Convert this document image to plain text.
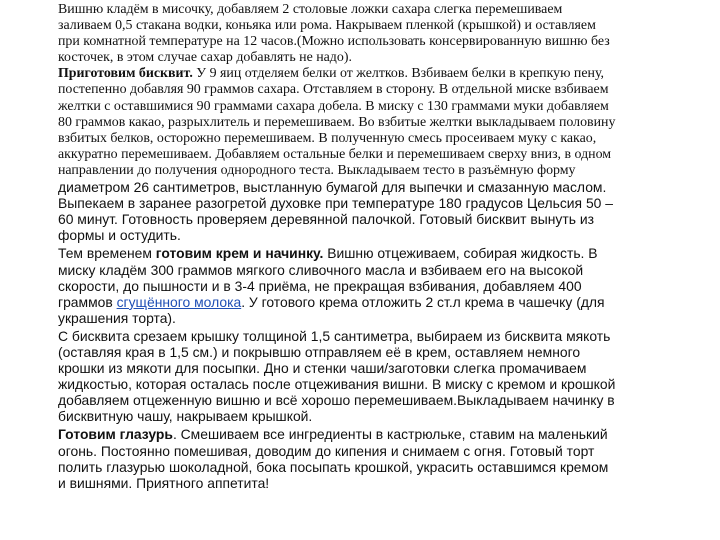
Вишню кладём в мисочку, добавляем 2 столовые ложки сахара слегка перемешиваем
заливаем 0,5 стакана водки, коньяка или рома. Накрываем пленкой (крышкой) и оставляем
при комнатной температуре на 12 часов.(Можно использовать консервированную вишню без
косточек, в этом случае сахар добавлять не надо).
Приготовим бисквит. У 9 яиц отделяем белки от желтков. Взбиваем белки в крепкую пену,
постепенно добавляя 90 граммов сахара. Отставляем в сторону. В отдельной миске взбиваем
желтки с оставшимися 90 граммами сахара добела. В миску с 130 граммами муки добавляем
80 граммов какао, разрыхлитель и перемешиваем. Во взбитые желтки выкладываем половину
взбитых белков, осторожно перемешиваем. В полученную смесь просеиваем муку с какао,
аккуратно перемешиваем. Добавляем остальные белки и перемешиваем сверху вниз, в одном
направлении до получения однородного теста. Выкладываем тесто в разъёмную форму
диаметром 26 сантиметров, выстланную бумагой для выпечки и смазанную маслом.
Выпекаем в заранее разогретой духовке при температуре 180 градусов Цельсия 50 –
60 минут. Готовность проверяем деревянной палочкой. Готовый бисквит вынуть из
формы и остудить.
Тем временем готовим крем и начинку. Вишню отцеживаем, собирая жидкость. В
миску кладём 300 граммов мягкого сливочного масла и взбиваем его на высокой
скорости, до пышности и в 3-4 приёма, не прекращая взбивания, добавляем 400
граммов сгущённого молока. У готового крема отложить 2 ст.л крема в чашечку (для
украшения торта).
С бисквита срезаем крышку толщиной 1,5 сантиметра, выбираем из бисквита мякоть
(оставляя края в 1,5 см.) и покрывшю отправляем её в крем, оставляем немного
крошки из мякоти для посыпки. Дно и стенки чаши/заготовки слегка промачиваем
жидкостью, которая осталась после отцеживания вишни. В миску с кремом и крошкой
добавляем отцеженную вишню и всё хорошо перемешиваем.Выкладываем начинку в
бисквитную чашу, накрываем крышкой.
Готовим глазурь. Смешиваем все ингредиенты в кастрюльке, ставим на маленький
огонь. Постоянно помешивая, доводим до кипения и снимаем с огня. Готовый торт
полить глазурью шоколадной, бока посыпать крошкой, украсить оставшимся кремом
и вишнями. Приятного аппетита!
